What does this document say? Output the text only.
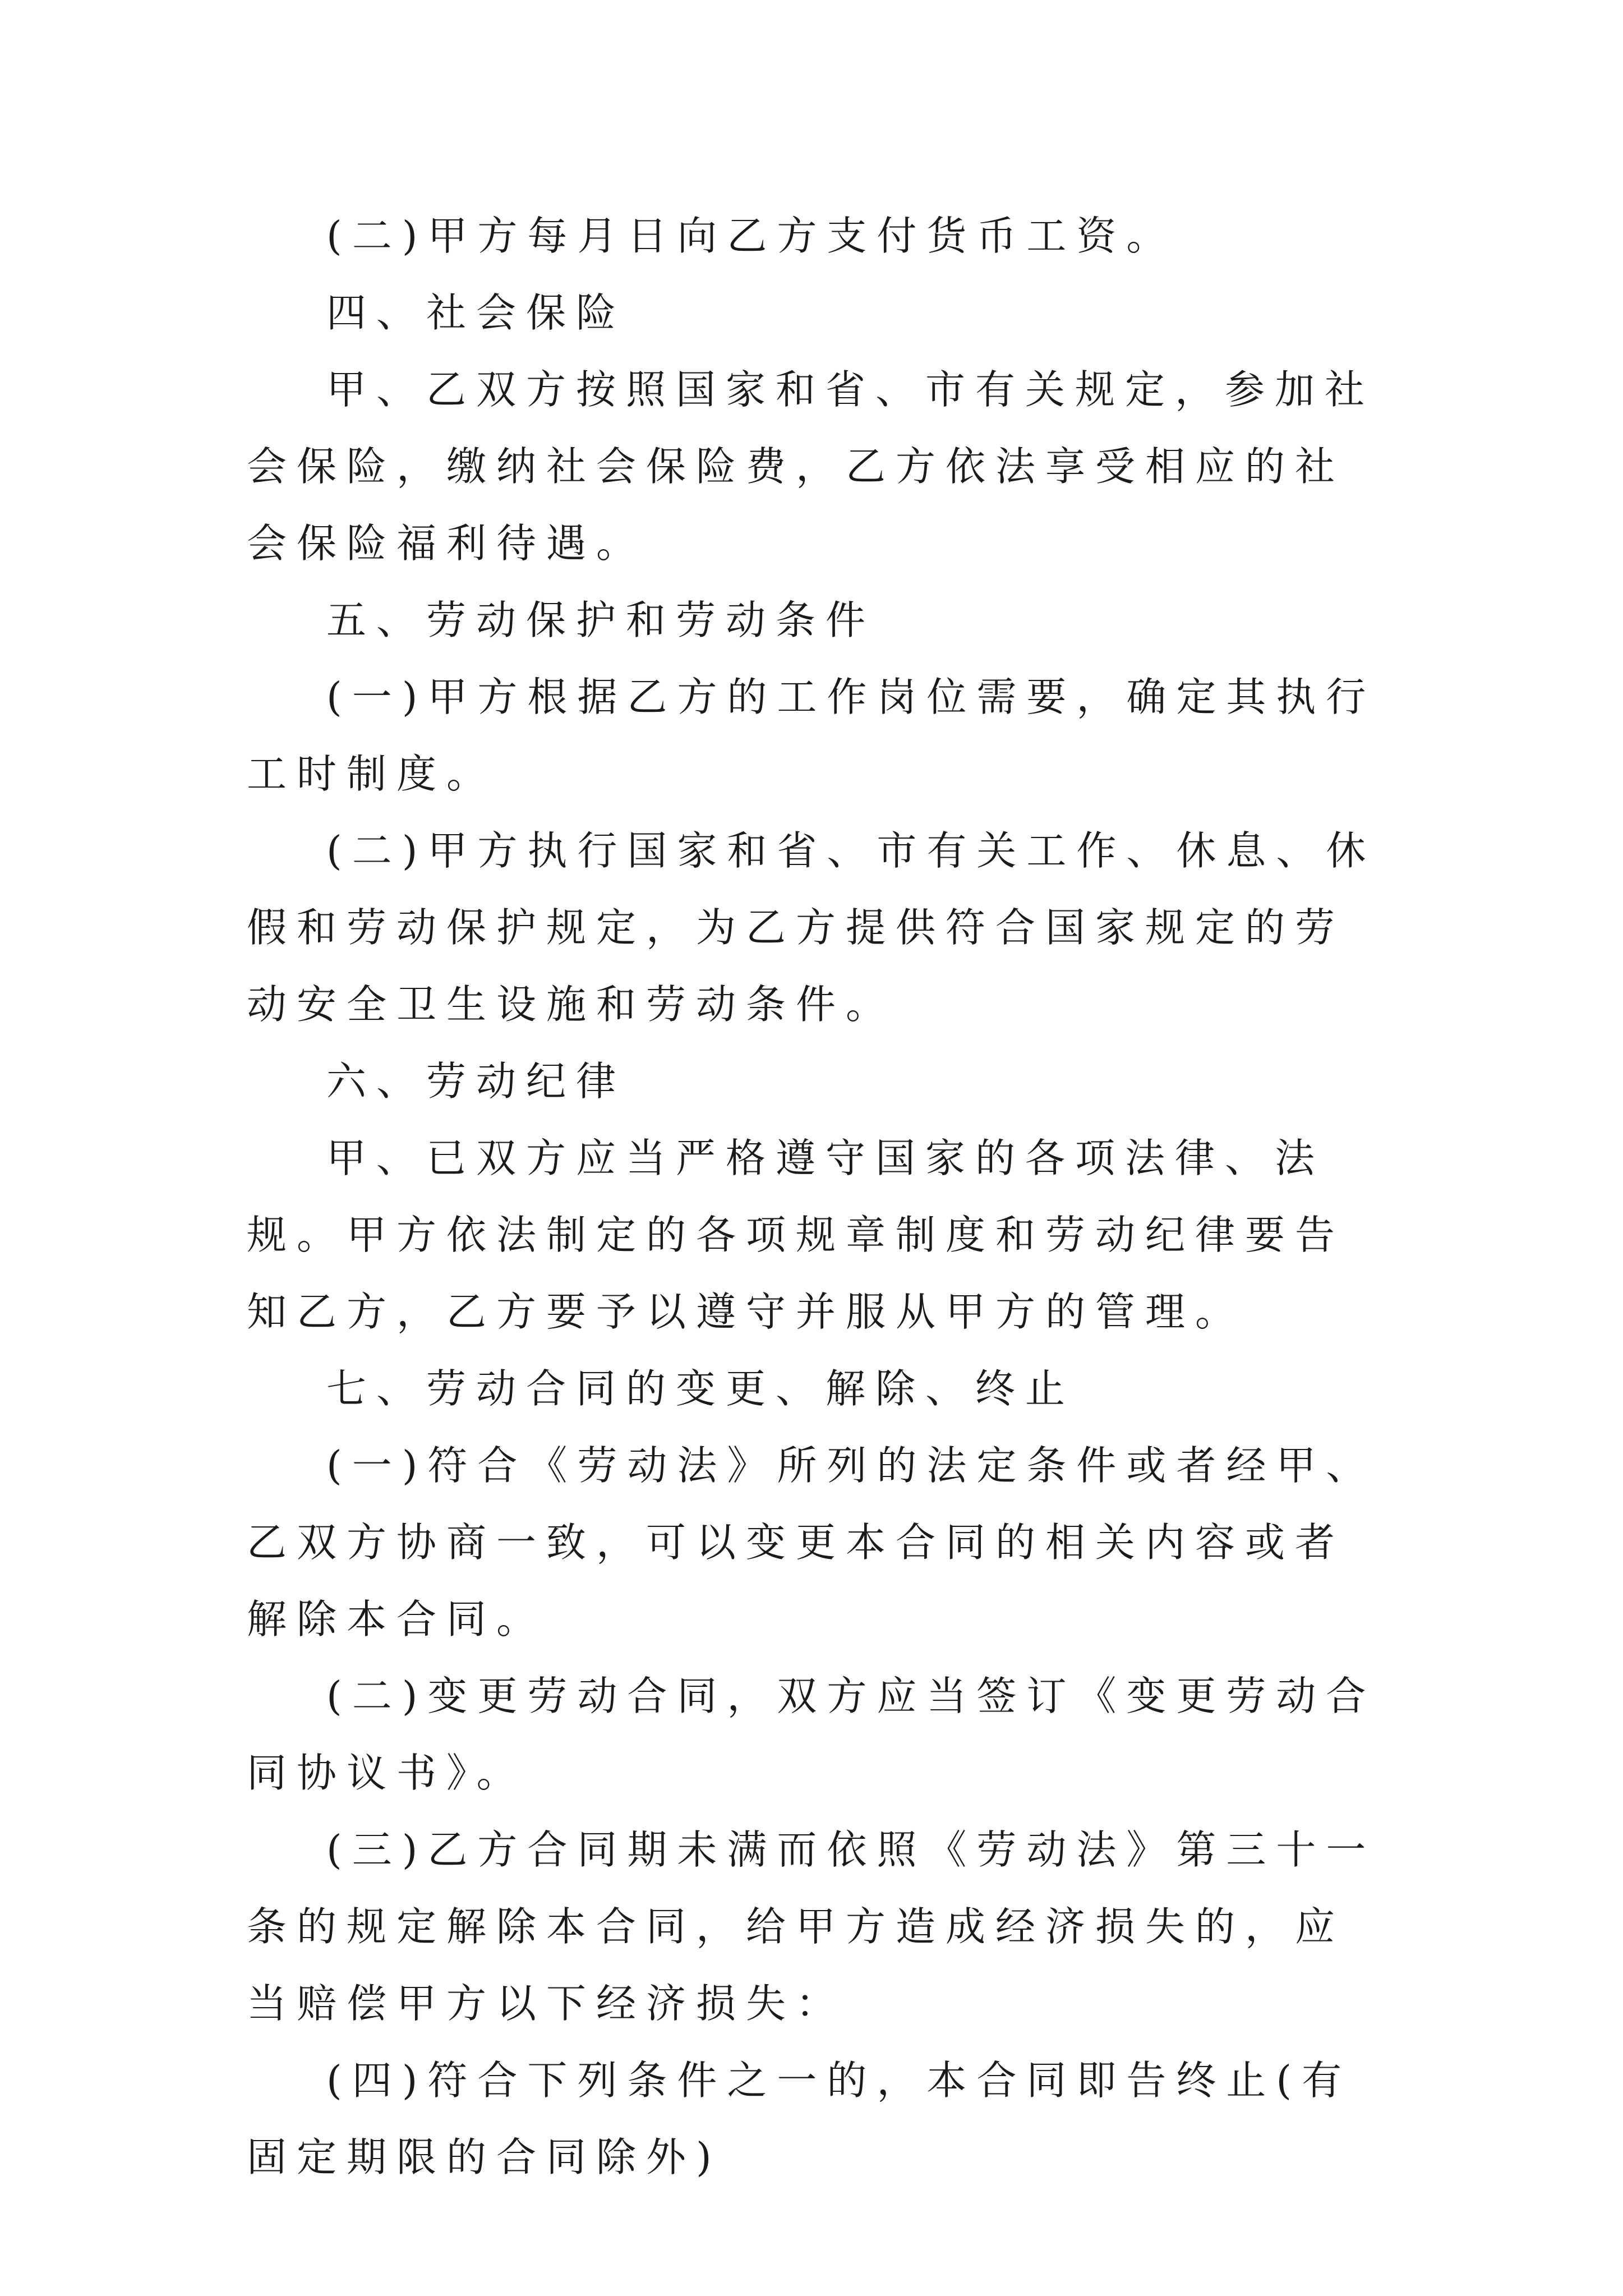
(二)甲方每月日向乙方支付货币工资。

四、社会保险

甲、乙双方按照国家和省、市有关规定，参加社会保险，缴纳社会保险费，乙方依法享受相应的社会保险福利待遇。

五、劳动保护和劳动条件

(一)甲方根据乙方的工作岗位需要，确定其执行工时制度。

(二)甲方执行国家和省、市有关工作、休息、休假和劳动保护规定，为乙方提供符合国家规定的劳动安全卫生设施和劳动条件。

六、劳动纪律

甲、已双方应当严格遵守国家的各项法律、法规。甲方依法制定的各项规章制度和劳动纪律要告知乙方，乙方要予以遵守并服从甲方的管理。

七、劳动合同的变更、解除、终止

(一)符合《劳动法》所列的法定条件或者经甲、乙双方协商一致，可以变更本合同的相关内容或者解除本合同。

(二)变更劳动合同，双方应当签订《变更劳动合同协议书》。

(三)乙方合同期未满而依照《劳动法》第三十一条的规定解除本合同，给甲方造成经济损失的，应当赔偿甲方以下经济损失：

(四)符合下列条件之一的，本合同即告终止(有固定期限的合同除外)
